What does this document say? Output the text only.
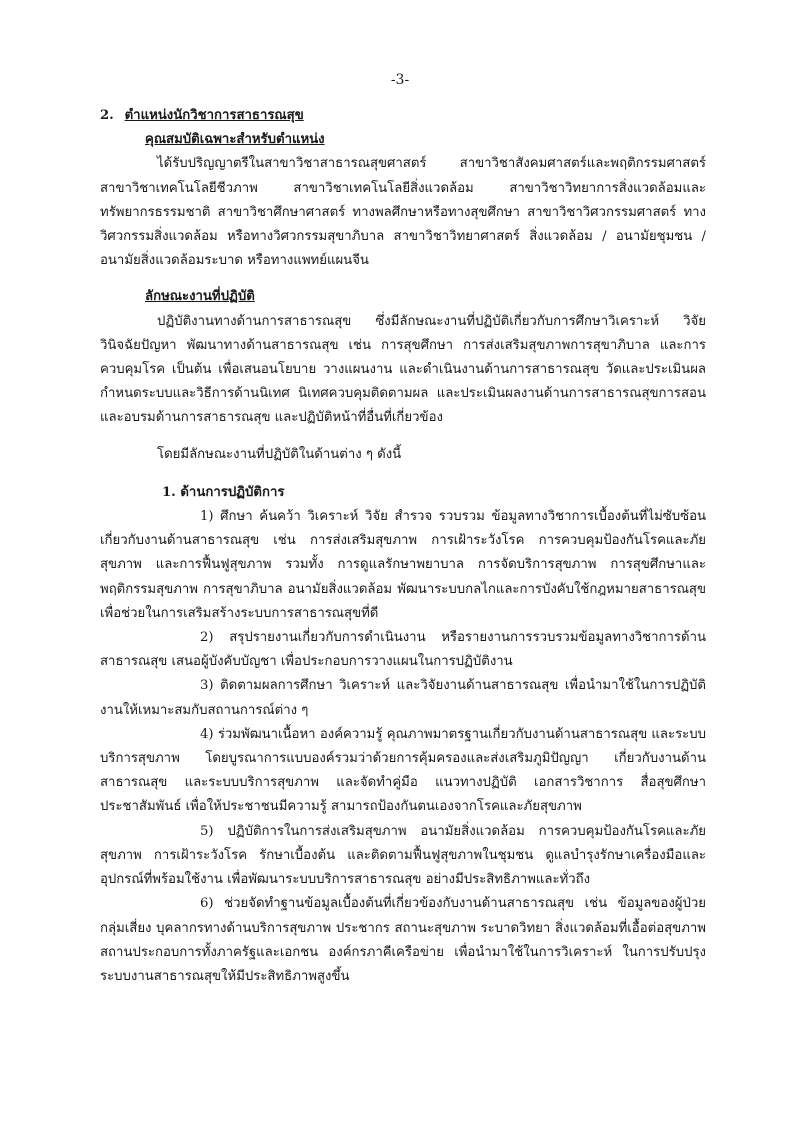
-3-

2. ตำแหน่งนักวิชาการสาธารณสุข

คุณสมบัติเฉพาะสำหรับตำแหน่ง

ได้รับปริญญาตรีในสาขาวิชาสาธารณสุขศาสตร์ สาขาวิชาสังคมศาสตร์และพฤติกรรมศาสตร์ สาขาวิชาเทคโนโลยีชีวภาพ สาขาวิชาเทคโนโลยีสิ่งแวดล้อม สาขาวิชาวิทยาการสิ่งแวดล้อมและทรัพยากรธรรมชาติ สาขาวิชาศึกษาศาสตร์ ทางพลศึกษาหรือทางสุขศึกษา สาขาวิชาวิศวกรรมศาสตร์ ทางวิศวกรรมสิ่งแวดล้อม หรือทางวิศวกรรมสุขาภิบาล สาขาวิชาวิทยาศาสตร์ สิ่งแวดล้อม / อนามัยชุมชน / อนามัยสิ่งแวดล้อมระบาด หรือทางแพทย์แผนจีน

ลักษณะงานที่ปฏิบัติ

ปฏิบัติงานทางด้านการสาธารณสุข ซึ่งมีลักษณะงานที่ปฏิบัติเกี่ยวกับการศึกษาวิเคราะห์ วิจัย วินิจฉัยปัญหา พัฒนาทางด้านสาธารณสุข เช่น การสุขศึกษา การส่งเสริมสุขภาพการสุขาภิบาล และการควบคุมโรค เป็นต้น เพื่อเสนอนโยบาย วางแผนงาน และดำเนินงานด้านการสาธารณสุข วัดและประเมินผล กำหนดระบบและวิธีการด้านนิเทศ นิเทศควบคุมติดตามผล และประเมินผลงานด้านการสาธารณสุขการสอนและอบรมด้านการสาธารณสุข และปฏิบัติหน้าที่อื่นที่เกี่ยวข้อง

โดยมีลักษณะงานที่ปฏิบัติในด้านต่าง ๆ ดังนี้

1. ด้านการปฏิบัติการ

1) ศึกษา ค้นคว้า วิเคราะห์ วิจัย สำรวจ รวบรวม ข้อมูลทางวิชาการเบื้องต้นที่ไม่ซับซ้อนเกี่ยวกับงานด้านสาธารณสุข เช่น การส่งเสริมสุขภาพ การเฝ้าระวังโรค การควบคุมป้องกันโรคและภัยสุขภาพ และการฟื้นฟูสุขภาพ รวมทั้ง การดูแลรักษาพยาบาล การจัดบริการสุขภาพ การสุขศึกษาและพฤติกรรมสุขภาพ การสุขาภิบาล อนามัยสิ่งแวดล้อม พัฒนาระบบกลไกและการบังคับใช้กฎหมายสาธารณสุข เพื่อช่วยในการเสริมสร้างระบบการสาธารณสุขที่ดี

2) สรุปรายงานเกี่ยวกับการดำเนินงาน หรือรายงานการรวบรวมข้อมูลทางวิชาการด้านสาธารณสุข เสนอผู้บังคับบัญชา เพื่อประกอบการวางแผนในการปฏิบัติงาน

3) ติดตามผลการศึกษา วิเคราะห์ และวิจัยงานด้านสาธารณสุข เพื่อนำมาใช้ในการปฏิบัติงานให้เหมาะสมกับสถานการณ์ต่าง ๆ

4) ร่วมพัฒนาเนื้อหา องค์ความรู้ คุณภาพมาตรฐานเกี่ยวกับงานด้านสาธารณสุข และระบบบริการสุขภาพ โดยบูรณาการแบบองค์รวมว่าด้วยการคุ้มครองและส่งเสริมภูมิปัญญา เกี่ยวกับงานด้านสาธารณสุข และระบบบริการสุขภาพ และจัดทำคู่มือ แนวทางปฏิบัติ เอกสารวิชาการ สื่อสุขศึกษาประชาสัมพันธ์ เพื่อให้ประชาชนมีความรู้ สามารถป้องกันตนเองจากโรคและภัยสุขภาพ

5) ปฏิบัติการในการส่งเสริมสุขภาพ อนามัยสิ่งแวดล้อม การควบคุมป้องกันโรคและภัยสุขภาพ การเฝ้าระวังโรค รักษาเบื้องต้น และติดตามฟื้นฟูสุขภาพในชุมชน ดูแลบำรุงรักษาเครื่องมือและอุปกรณ์ที่พร้อมใช้งาน เพื่อพัฒนาระบบบริการสาธารณสุข อย่างมีประสิทธิภาพและทั่วถึง

6) ช่วยจัดทำฐานข้อมูลเบื้องต้นที่เกี่ยวข้องกับงานด้านสาธารณสุข เช่น ข้อมูลของผู้ป่วยกลุ่มเสี่ยง บุคลากรทางด้านบริการสุขภาพ ประชากร สถานะสุขภาพ ระบาดวิทยา สิ่งแวดล้อมที่เอื้อต่อสุขภาพ สถานประกอบการทั้งภาครัฐและเอกชน องค์กรภาคีเครือข่าย เพื่อนำมาใช้ในการวิเคราะห์ ในการปรับปรุงระบบงานสาธารณสุขให้มีประสิทธิภาพสูงขึ้น
